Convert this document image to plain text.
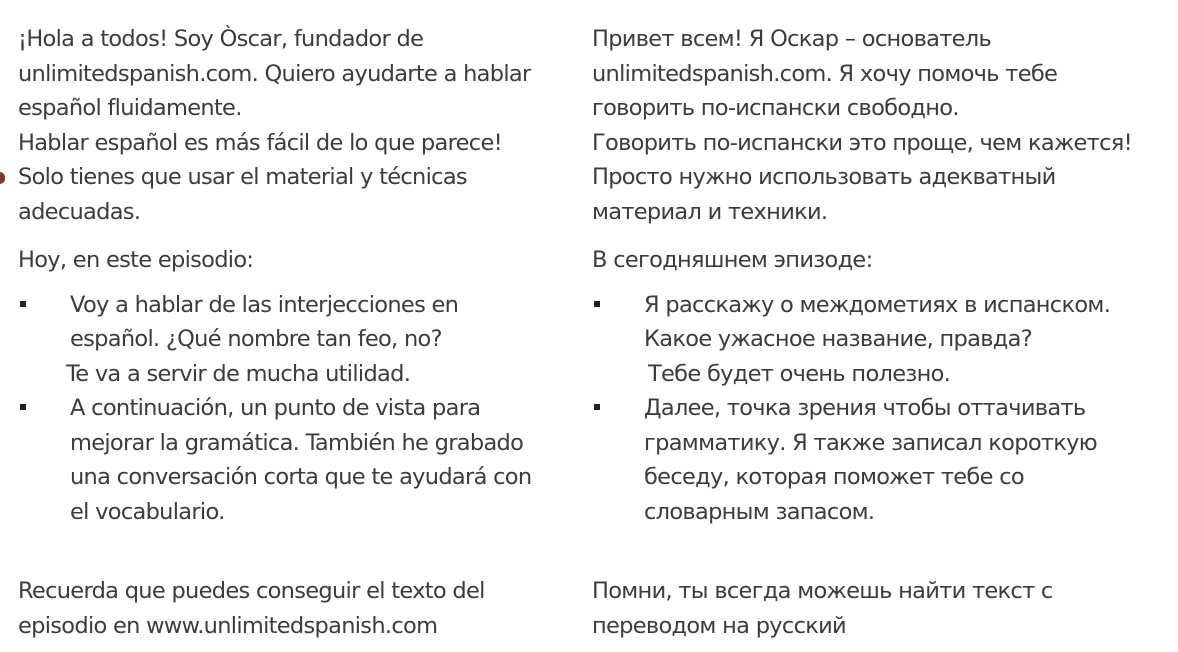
¡Hola a todos! Soy Òscar, fundador de
unlimitedspanish.com. Quiero ayudarte a hablar
español fluidamente.
Hablar español es más fácil de lo que parece!
Solo tienes que usar el material y técnicas
adecuadas.
Hoy, en este episodio:
Voy a hablar de las interjecciones en
español. ¿Qué nombre tan feo, no?
Te va a servir de mucha utilidad.
A continuación, un punto de vista para
mejorar la gramática. También he grabado
una conversación corta que te ayudará con
el vocabulario.
Recuerda que puedes conseguir el texto del
episodio en www.unlimitedspanish.com
Привет всем! Я Оскар – основатель
unlimitedspanish.com. Я хочу помочь тебе
говорить по-испански свободно.
Говорить по-испански это проще, чем кажется!
Просто нужно использовать адекватный
материал и техники.
В сегодняшнем эпизоде:
Я расскажу о междометиях в испанском.
Какое ужасное название, правда?
Тебе будет очень полезно.
Далее, точка зрения чтобы оттачивать
грамматику. Я также записал короткую
беседу, которая поможет тебе со
словарным запасом.
Помни, ты всегда можешь найти текст с
переводом на русский
